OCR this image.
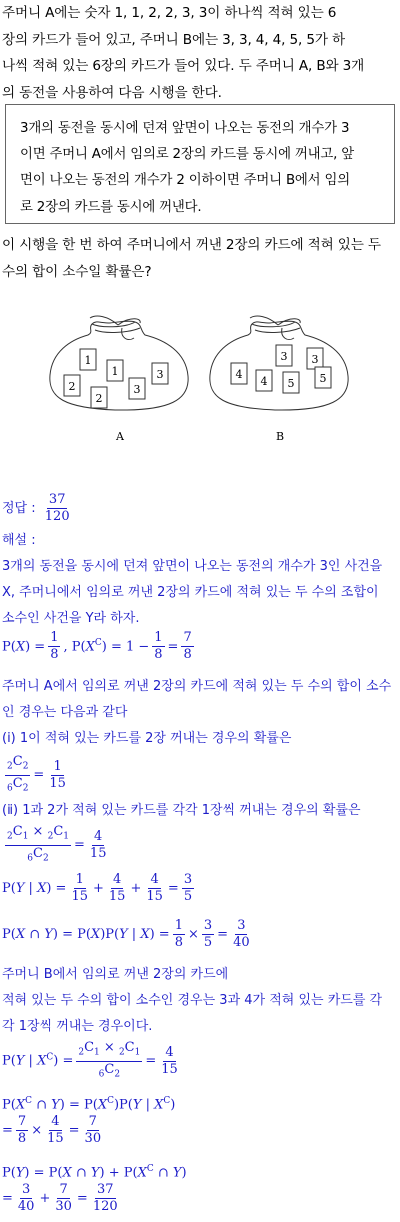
주머니 A에는 숫자 1, 1, 2, 2, 3, 3이 하나씩 적혀 있는 6

장의 카드가 들어 있고, 주머니 B에는 3, 3, 4, 4, 5, 5가 하

나씩 적혀 있는 6장의 카드가 들어 있다. 두 주머니 A, B와 3개

의 동전을 사용하여 다음 시행을 한다.

3개의 동전을 동시에 던져 앞면이 나오는 동전의 개수가 3
이면 주머니 A에서 임의로 2장의 카드를 동시에 꺼내고, 앞
면이 나오는 동전의 개수가 2 이하이면 주머니 B에서 임의
로 2장의 카드를 동시에 꺼낸다.
이 시행을 한 번 하여 주머니에서 꺼낸 2장의 카드에 적혀 있는 두
수의 합이 소수일 확률은?
1
2
2
1
3
3
A
3 3
4
4 5 5
B
정답 : $\frac{37}{120}$
해설 :
3개의 동전을 동시에 던져 앞면이 나오는 동전의 개수가 3인 사건을
X, 주머니에서 임의로 꺼낸 2장의 카드에 적혀 있는 두 수의 조합이
소수인 사건을 Y라 하자.
$P(X) = \frac{1}{8}$ , $P(X^C) = 1 - \frac{1}{8} = \frac{7}{8}$
주머니 A에서 임의로 꺼낸 2장의 카드에 적혀 있는 두 수의 합이 소수
인 경우는 다음과 같다
(ⅰ) 1이 적혀 있는 카드를 2장 꺼내는 경우의 확률은
$\frac{_2C_2}{_6C_2} = \frac{1}{15}$
(ⅱ) 1과 2가 적혀 있는 카드를 각각 1장씩 꺼내는 경우의 확률은
$\frac{_2C_1 \times _2C_1}{_6C_2} = \frac{4}{15}$
P(Y | $X) = \frac{1}{15} + \frac{4}{15} + \frac{4}{15} = \frac{3}{5}$
P(X ∩ Y) = P(X)P(Y | $X) = \frac{1}{8} \times \frac{3}{5} = \frac{3}{40}$
주머니 B에서 임의로 꺼낸 2장의 카드에
적혀 있는 두 수의 합이 소수인 경우는 3과 4가 적혀 있는 카드를 각
각 1장씩 꺼내는 경우이다.
P(Y | $X^C) = \frac{_2C_1 \times _2C_1}{_6C_2} = \frac{4}{15}$
$P(X^C$ ∩ $Y) = P(X^C)P(Y$ | $X^C$)
= $\frac{7}{8} \times \frac{4}{15} = \frac{7}{30}$
P(Y) = P(X ∩ $Y) + P(X^C$ ∩ Y)
= $\frac{3}{40} + \frac{7}{30} = \frac{37}{120}$
